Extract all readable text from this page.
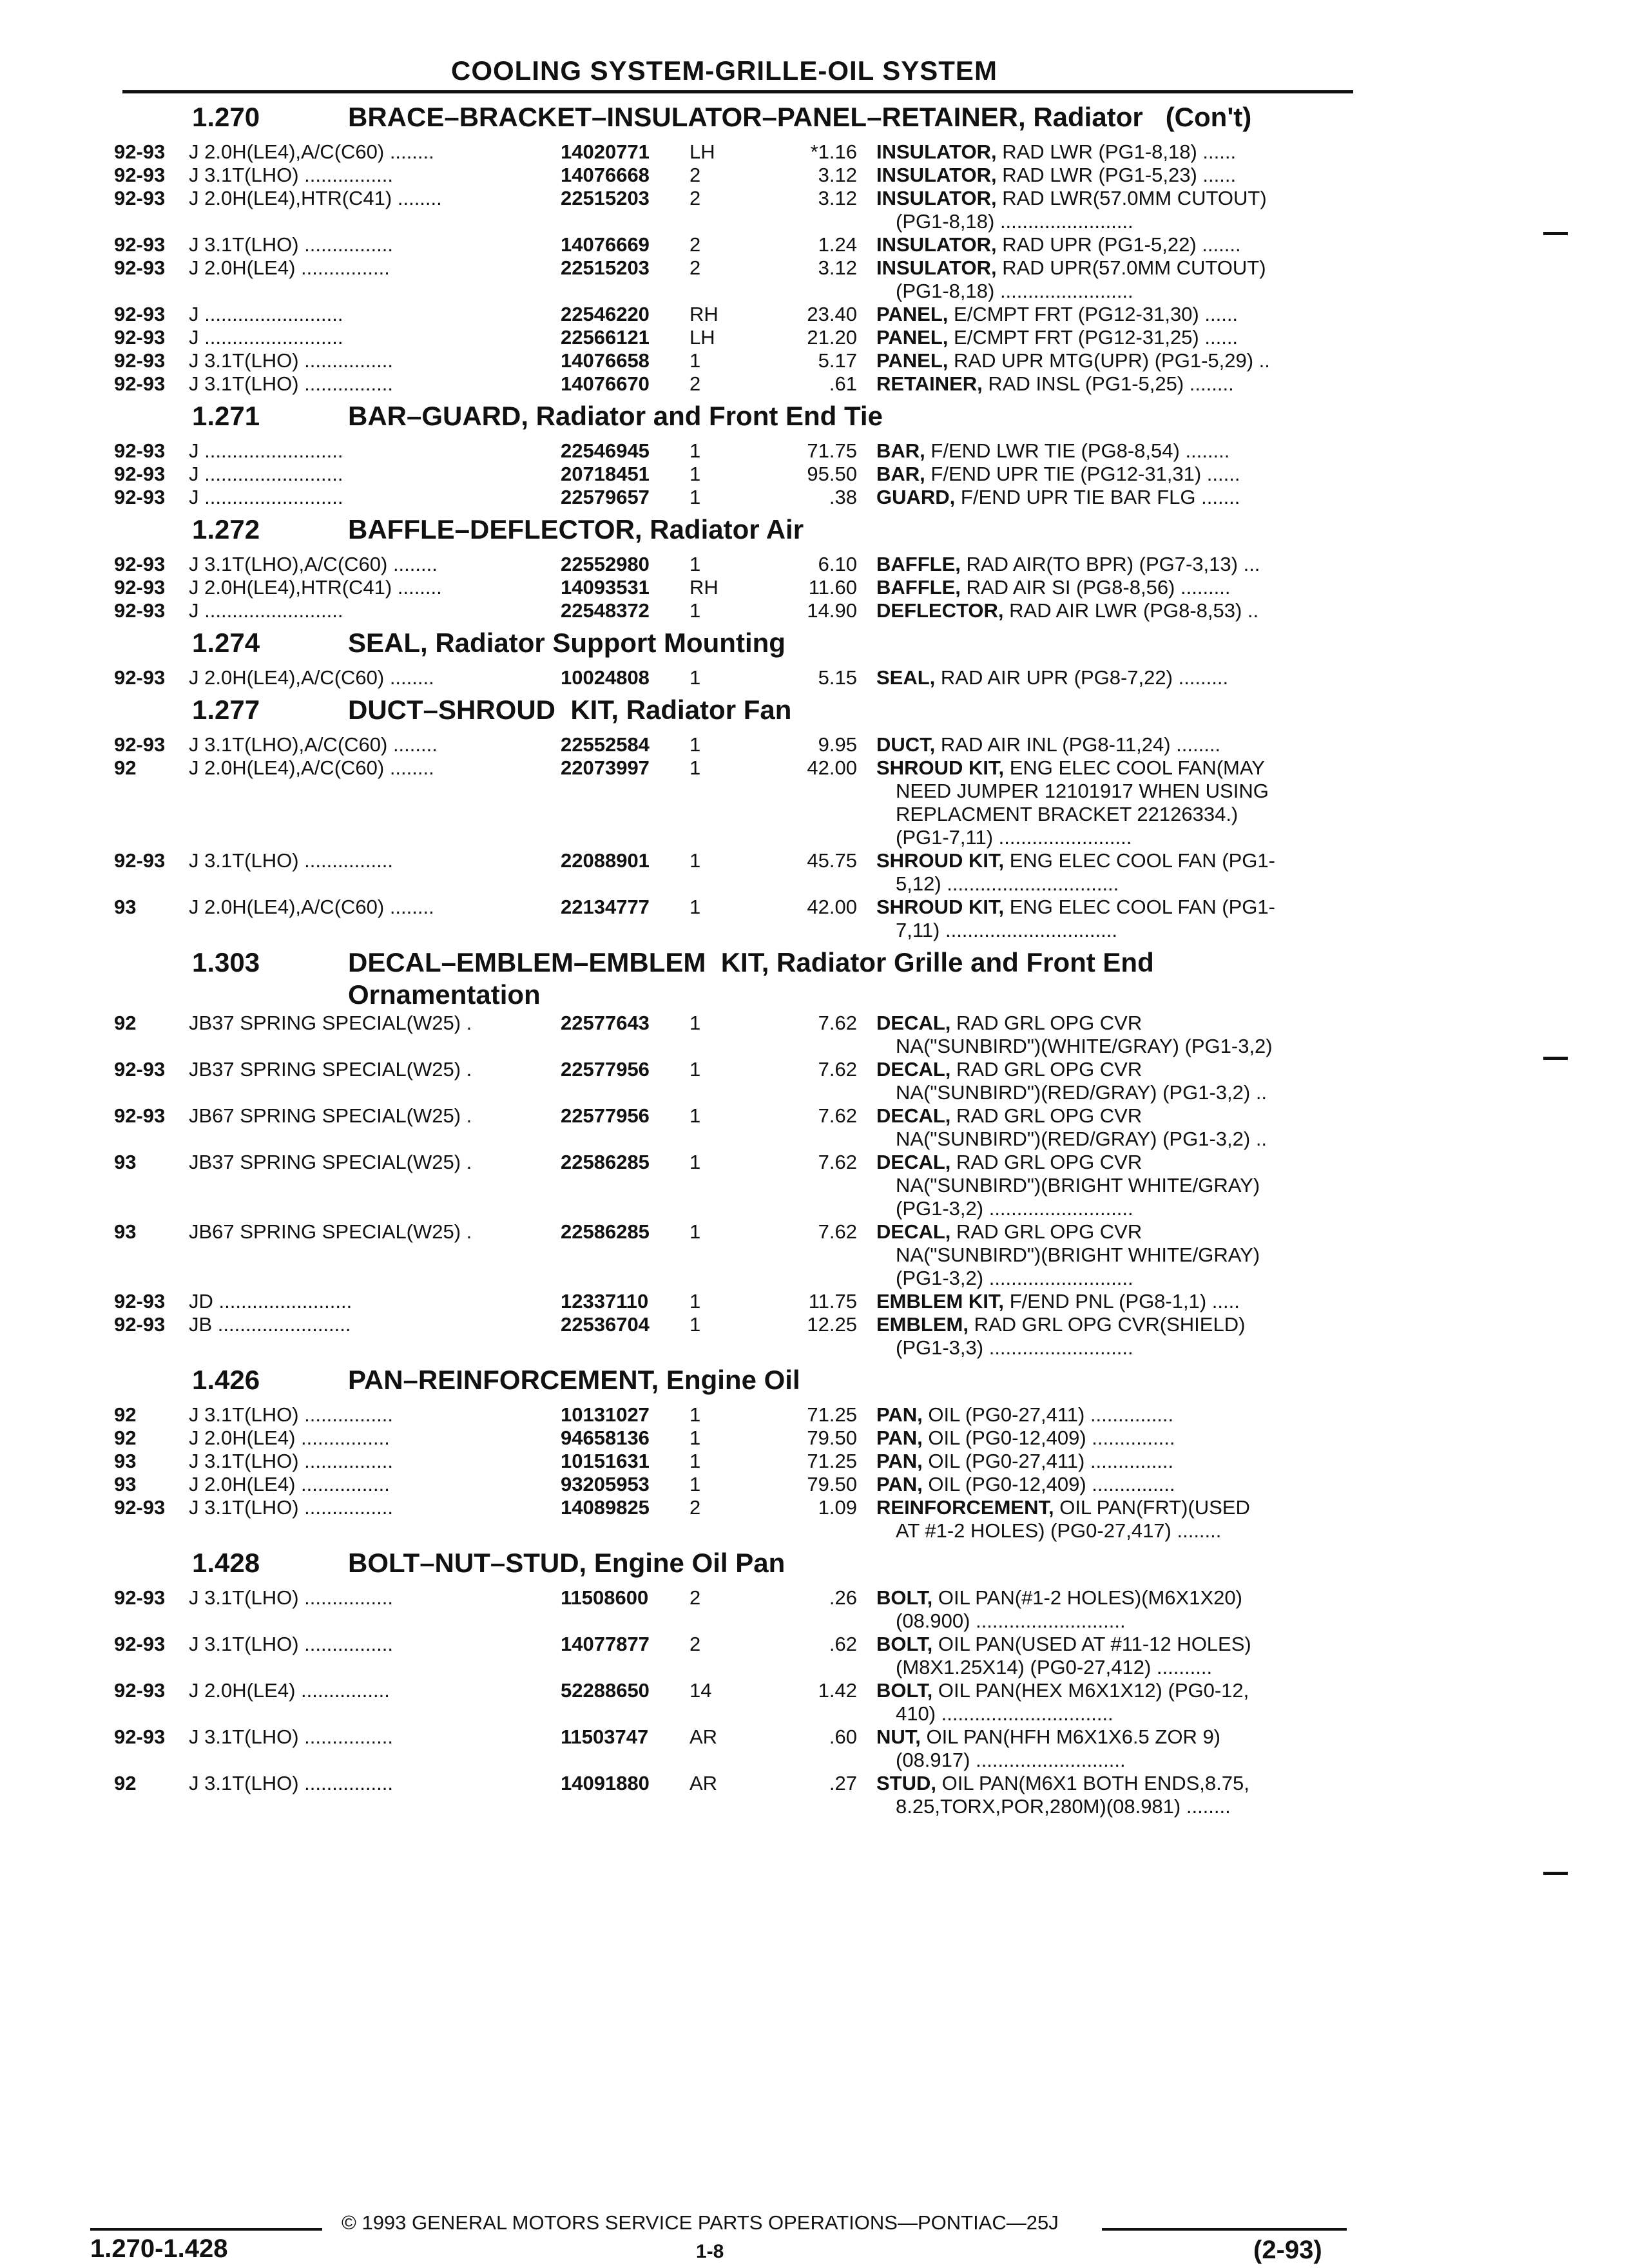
COOLING SYSTEM-GRILLE-OIL SYSTEM
1.270	BRACE–BRACKET–INSULATOR–PANEL–RETAINER, Radiator   (Con't)
92-93 J 2.0H(LE4),A/C(C60) ........	14020771 LH	*1.16 INSULATOR, RAD LWR (PG1-8,18) ......
92-93 J 3.1T(LHO) ................	14076668 2	3.12 INSULATOR, RAD LWR (PG1-5,23) ......
92-93 J 2.0H(LE4),HTR(C41) ........	22515203 2	3.12 INSULATOR, RAD LWR(57.0MM CUTOUT)
(PG1-8,18) ........................
92-93 J 3.1T(LHO) ................	14076669 2	1.24 INSULATOR, RAD UPR (PG1-5,22) .......
92-93 J 2.0H(LE4) ................	22515203 2	3.12 INSULATOR, RAD UPR(57.0MM CUTOUT)
(PG1-8,18) ........................
92-93 J .........................	22546220 RH	23.40 PANEL, E/CMPT FRT (PG12-31,30) ......
92-93 J .........................	22566121 LH	21.20 PANEL, E/CMPT FRT (PG12-31,25) ......
92-93 J 3.1T(LHO) ................	14076658 1	5.17 PANEL, RAD UPR MTG(UPR) (PG1-5,29) ..
92-93 J 3.1T(LHO) ................	14076670 2	.61 RETAINER, RAD INSL (PG1-5,25) ........
1.271	BAR–GUARD, Radiator and Front End Tie
92-93 J .........................	22546945 1	71.75 BAR, F/END LWR TIE (PG8-8,54) ........
92-93 J .........................	20718451 1	95.50 BAR, F/END UPR TIE (PG12-31,31) ......
92-93 J .........................	22579657 1	.38 GUARD, F/END UPR TIE BAR FLG .......
1.272	BAFFLE–DEFLECTOR, Radiator Air
92-93 J 3.1T(LHO),A/C(C60) ........	22552980 1	6.10 BAFFLE, RAD AIR(TO BPR) (PG7-3,13) ...
92-93 J 2.0H(LE4),HTR(C41) ........	14093531 RH	11.60 BAFFLE, RAD AIR SI (PG8-8,56) .........
92-93 J .........................	22548372 1	14.90 DEFLECTOR, RAD AIR LWR (PG8-8,53) ..
1.274	SEAL, Radiator Support Mounting
92-93 J 2.0H(LE4),A/C(C60) ........	10024808 1	5.15 SEAL, RAD AIR UPR (PG8-7,22) .........
1.277	DUCT–SHROUD  KIT, Radiator Fan
92-93 J 3.1T(LHO),A/C(C60) ........	22552584 1	9.95 DUCT, RAD AIR INL (PG8-11,24) ........
92	J 2.0H(LE4),A/C(C60) ........	22073997 1	42.00 SHROUD KIT, ENG ELEC COOL FAN(MAY
NEED JUMPER 12101917 WHEN USING
REPLACMENT BRACKET 22126334.)
(PG1-7,11) ........................
92-93 J 3.1T(LHO) ................	22088901 1	45.75 SHROUD KIT, ENG ELEC COOL FAN (PG1-
5,12) ...............................
93	J 2.0H(LE4),A/C(C60) ........	22134777 1	42.00 SHROUD KIT, ENG ELEC COOL FAN (PG1-
7,11) ...............................
1.303	DECAL–EMBLEM–EMBLEM  KIT, Radiator Grille and Front End
Ornamentation
92	JB37 SPRING SPECIAL(W25) .	22577643 1	7.62 DECAL, RAD GRL OPG CVR
NA("SUNBIRD")(WHITE/GRAY) (PG1-3,2)
92-93 JB37 SPRING SPECIAL(W25) .	22577956 1	7.62 DECAL, RAD GRL OPG CVR
NA("SUNBIRD")(RED/GRAY) (PG1-3,2) ..
92-93 JB67 SPRING SPECIAL(W25) .	22577956 1	7.62 DECAL, RAD GRL OPG CVR
NA("SUNBIRD")(RED/GRAY) (PG1-3,2) ..
93	JB37 SPRING SPECIAL(W25) .	22586285 1	7.62 DECAL, RAD GRL OPG CVR
NA("SUNBIRD")(BRIGHT WHITE/GRAY)
(PG1-3,2) ..........................
93	JB67 SPRING SPECIAL(W25) .	22586285 1	7.62 DECAL, RAD GRL OPG CVR
NA("SUNBIRD")(BRIGHT WHITE/GRAY)
(PG1-3,2) ..........................
92-93 JD ........................	12337110 1	11.75 EMBLEM KIT, F/END PNL (PG8-1,1) .....
92-93 JB ........................	22536704 1	12.25 EMBLEM, RAD GRL OPG CVR(SHIELD)
(PG1-3,3) ..........................
1.426	PAN–REINFORCEMENT, Engine Oil
92	J 3.1T(LHO) ................	10131027 1	71.25 PAN, OIL (PG0-27,411) ...............
92	J 2.0H(LE4) ................	94658136 1	79.50 PAN, OIL (PG0-12,409) ...............
93	J 3.1T(LHO) ................	10151631 1	71.25 PAN, OIL (PG0-27,411) ...............
93	J 2.0H(LE4) ................	93205953 1	79.50 PAN, OIL (PG0-12,409) ...............
92-93 J 3.1T(LHO) ................	14089825 2	1.09 REINFORCEMENT, OIL PAN(FRT)(USED
AT #1-2 HOLES) (PG0-27,417) ........
1.428	BOLT–NUT–STUD, Engine Oil Pan
92-93 J 3.1T(LHO) ................	11508600 2	.26 BOLT, OIL PAN(#1-2 HOLES)(M6X1X20)
(08.900) ...........................
92-93 J 3.1T(LHO) ................	14077877 2	.62 BOLT, OIL PAN(USED AT #11-12 HOLES)
(M8X1.25X14) (PG0-27,412) ..........
92-93 J 2.0H(LE4) ................	52288650 14	1.42 BOLT, OIL PAN(HEX M6X1X12) (PG0-12,
410) ...............................
92-93 J 3.1T(LHO) ................	11503747 AR	.60 NUT, OIL PAN(HFH M6X1X6.5 ZOR 9)
(08.917) ...........................
92	J 3.1T(LHO) ................	14091880 AR	.27 STUD, OIL PAN(M6X1 BOTH ENDS,8.75,
8.25,TORX,POR,280M)(08.981) ........
© 1993 GENERAL MOTORS SERVICE PARTS OPERATIONS—PONTIAC—25J
1.270-1.428	1-8	(2-93)
